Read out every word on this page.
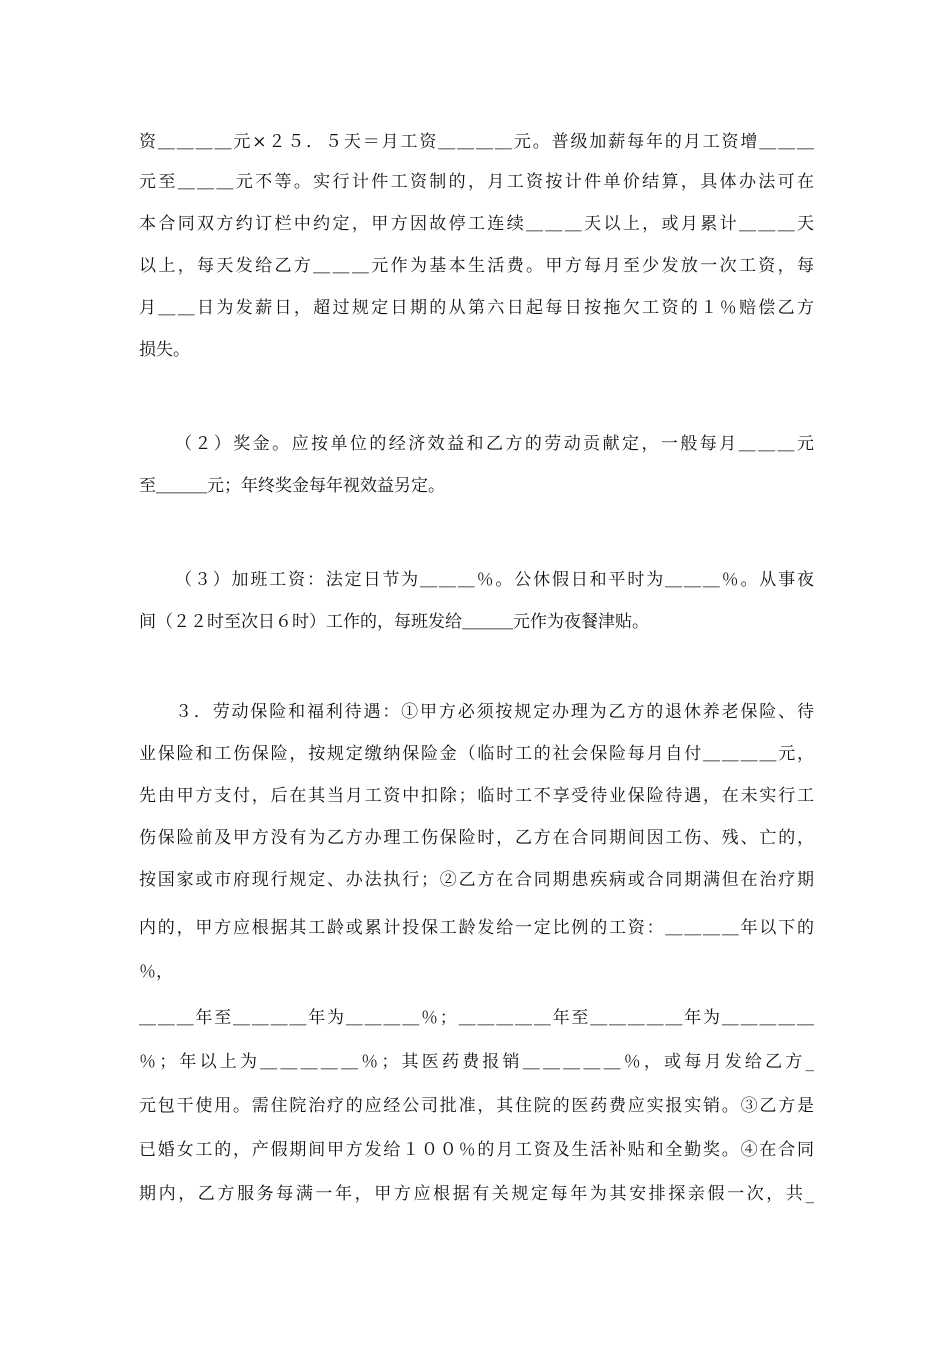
资＿＿＿＿元×２５．５天＝月工资＿＿＿＿元。普级加薪每年的月工资增＿＿＿
元至＿＿＿元不等。实行计件工资制的，月工资按计件单价结算，具体办法可在
本合同双方约订栏中约定，甲方因故停工连续＿＿＿天以上，或月累计＿＿＿天
以上，每天发给乙方＿＿＿元作为基本生活费。甲方每月至少发放一次工资，每
月＿＿日为发薪日，超过规定日期的从第六日起每日按拖欠工资的１％赔偿乙方
损失。
（２）奖金。应按单位的经济效益和乙方的劳动贡献定，一般每月＿＿＿元
至＿＿＿元；年终奖金每年视效益另定。
（３）加班工资：法定日节为＿＿＿％。公休假日和平时为＿＿＿％。从事夜
间（２２时至次日６时）工作的，每班发给＿＿＿元作为夜餐津贴。
３．劳动保险和福利待遇：①甲方必须按规定办理为乙方的退休养老保险、待
业保险和工伤保险，按规定缴纳保险金（临时工的社会保险每月自付＿＿＿＿元，
先由甲方支付，后在其当月工资中扣除；临时工不享受待业保险待遇，在未实行工
伤保险前及甲方没有为乙方办理工伤保险时，乙方在合同期间因工伤、残、亡的，
按国家或市府现行规定、办法执行；②乙方在合同期患疾病或合同期满但在治疗期
内的，甲方应根据其工龄或累计投保工龄发给一定比例的工资：＿＿＿＿年以下的
％，
＿＿＿年至＿＿＿＿年为＿＿＿＿％；＿＿＿＿＿年至＿＿＿＿＿年为＿＿＿＿＿
％；年以上为＿＿＿＿＿％；其医药费报销＿＿＿＿＿％，或每月发给乙方_
元包干使用。需住院治疗的应经公司批准，其住院的医药费应实报实销。③乙方是
已婚女工的，产假期间甲方发给１００％的月工资及生活补贴和全勤奖。④在合同
期内，乙方服务每满一年，甲方应根据有关规定每年为其安排探亲假一次，共_
